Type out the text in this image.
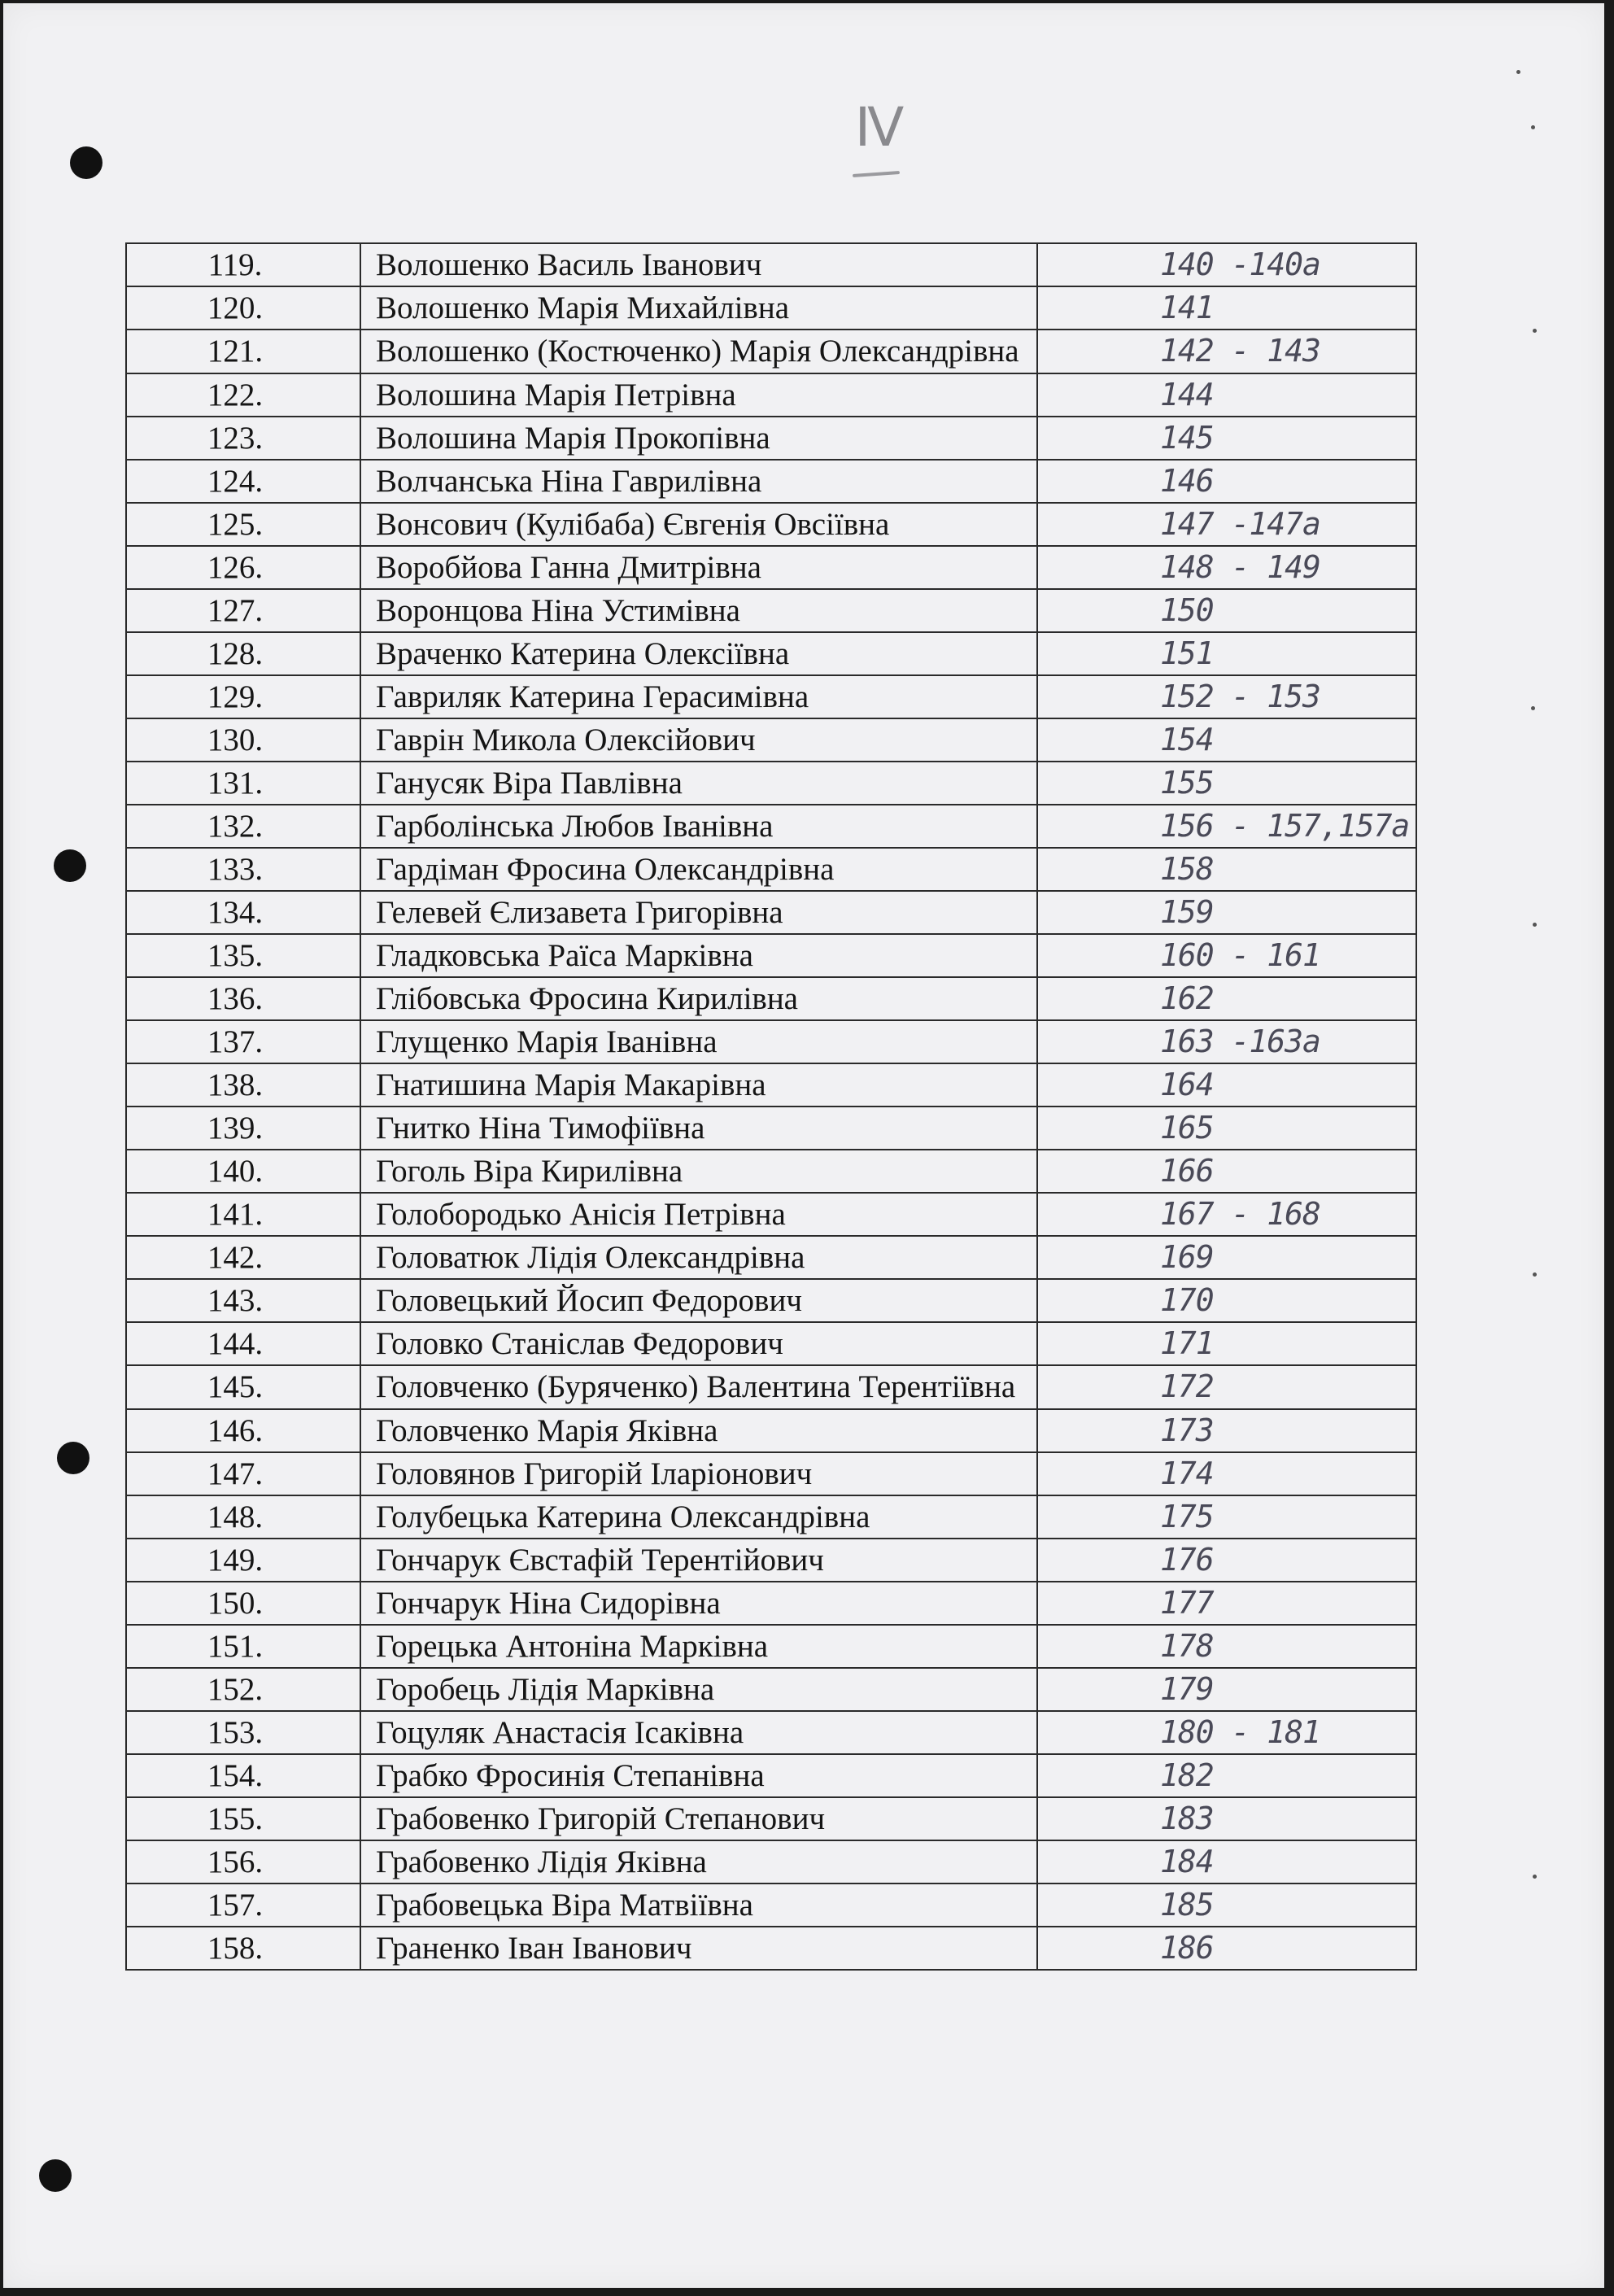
IV
119.	Волошенко Василь Іванович	140 -140а
120.	Волошенко Марія Михайлівна	141
121.	Волошенко (Костюченко) Марія Олександрівна	142 - 143
122.	Волошина Марія Петрівна	144
123.	Волошина Марія Прокопівна	145
124.	Волчанська Ніна Гаврилівна	146
125.	Вонсович (Кулібаба) Євгенія Овсіївна	147 -147а
126.	Воробйова Ганна Дмитрівна	148 - 149
127.	Воронцова Ніна Устимівна	150
128.	Враченко Катерина Олексіївна	151
129.	Гавриляк Катерина Герасимівна	152 - 153
130.	Гаврін Микола Олексійович	154
131.	Ганусяк Віра Павлівна	155
132.	Гарболінська Любов Іванівна	156 - 157,157а
133.	Гардіман Фросина Олександрівна	158
134.	Гелевей Єлизавета Григорівна	159
135.	Гладковська Раїса Марківна	160 - 161
136.	Глібовська Фросина Кирилівна	162
137.	Глущенко Марія Іванівна	163 -163а
138.	Гнатишина Марія Макарівна	164
139.	Гнитко Ніна Тимофіївна	165
140.	Гоголь Віра Кирилівна	166
141.	Голобородько Анісія Петрівна	167 - 168
142.	Головатюк Лідія Олександрівна	169
143.	Головецький Йосип Федорович	170
144.	Головко Станіслав Федорович	171
145.	Головченко (Буряченко) Валентина Терентіївна	172
146.	Головченко Марія Яківна	173
147.	Головянов Григорій Іларіонович	174
148.	Голубецька Катерина Олександрівна	175
149.	Гончарук Євстафій Терентійович	176
150.	Гончарук Ніна Сидорівна	177
151.	Горецька Антоніна Марківна	178
152.	Горобець Лідія Марківна	179
153.	Гоцуляк Анастасія Ісаківна	180 - 181
154.	Грабко Фросинія Степанівна	182
155.	Грабовенко Григорій Степанович	183
156.	Грабовенко Лідія Яківна	184
157.	Грабовецька Віра Матвіївна	185
158.	Граненко Іван Іванович	186
